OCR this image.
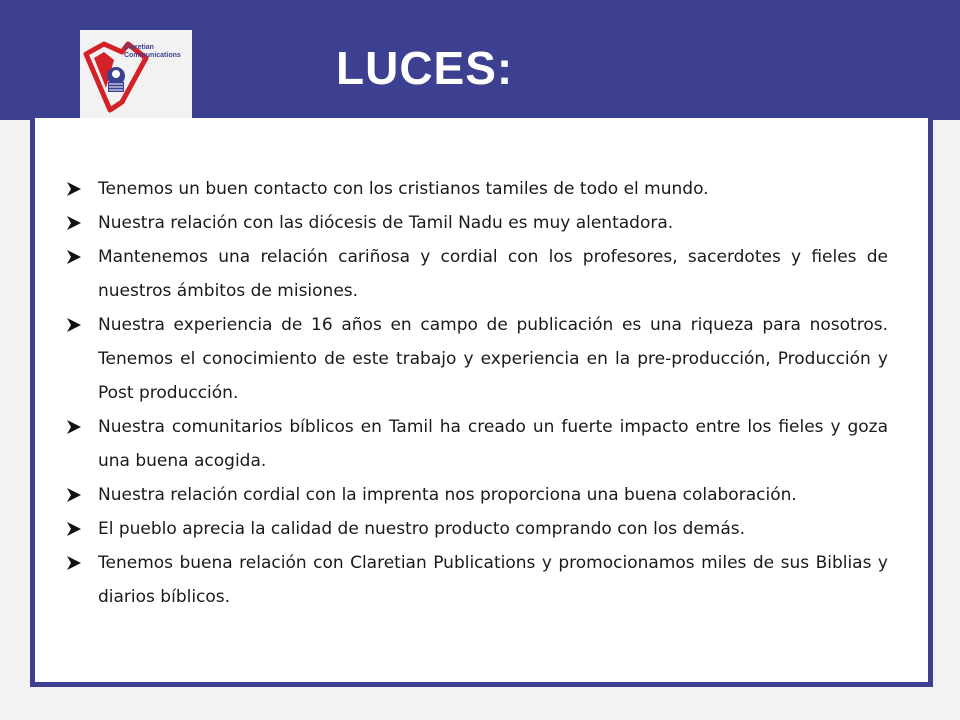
Claretian
Communications	LUCES:
Tenemos un buen contacto con los cristianos tamiles de todo el mundo.
Nuestra relación con las diócesis de Tamil Nadu es muy alentadora.
Mantenemos una relación cariñosa y cordial con los profesores, sacerdotes y fieles de nuestros ámbitos de misiones.
Nuestra experiencia de 16 años en campo de publicación es una riqueza para nosotros. Tenemos el conocimiento de este trabajo y experiencia en la pre-producción, Producción y Post producción.
Nuestra comunitarios bíblicos en Tamil ha creado un fuerte impacto entre los fieles y goza una buena acogida.
Nuestra relación cordial con la imprenta nos proporciona una buena colaboración.
El pueblo aprecia la calidad de nuestro producto comprando con los demás.
Tenemos buena relación con Claretian Publications y promocionamos miles de sus Biblias y diarios bíblicos.
